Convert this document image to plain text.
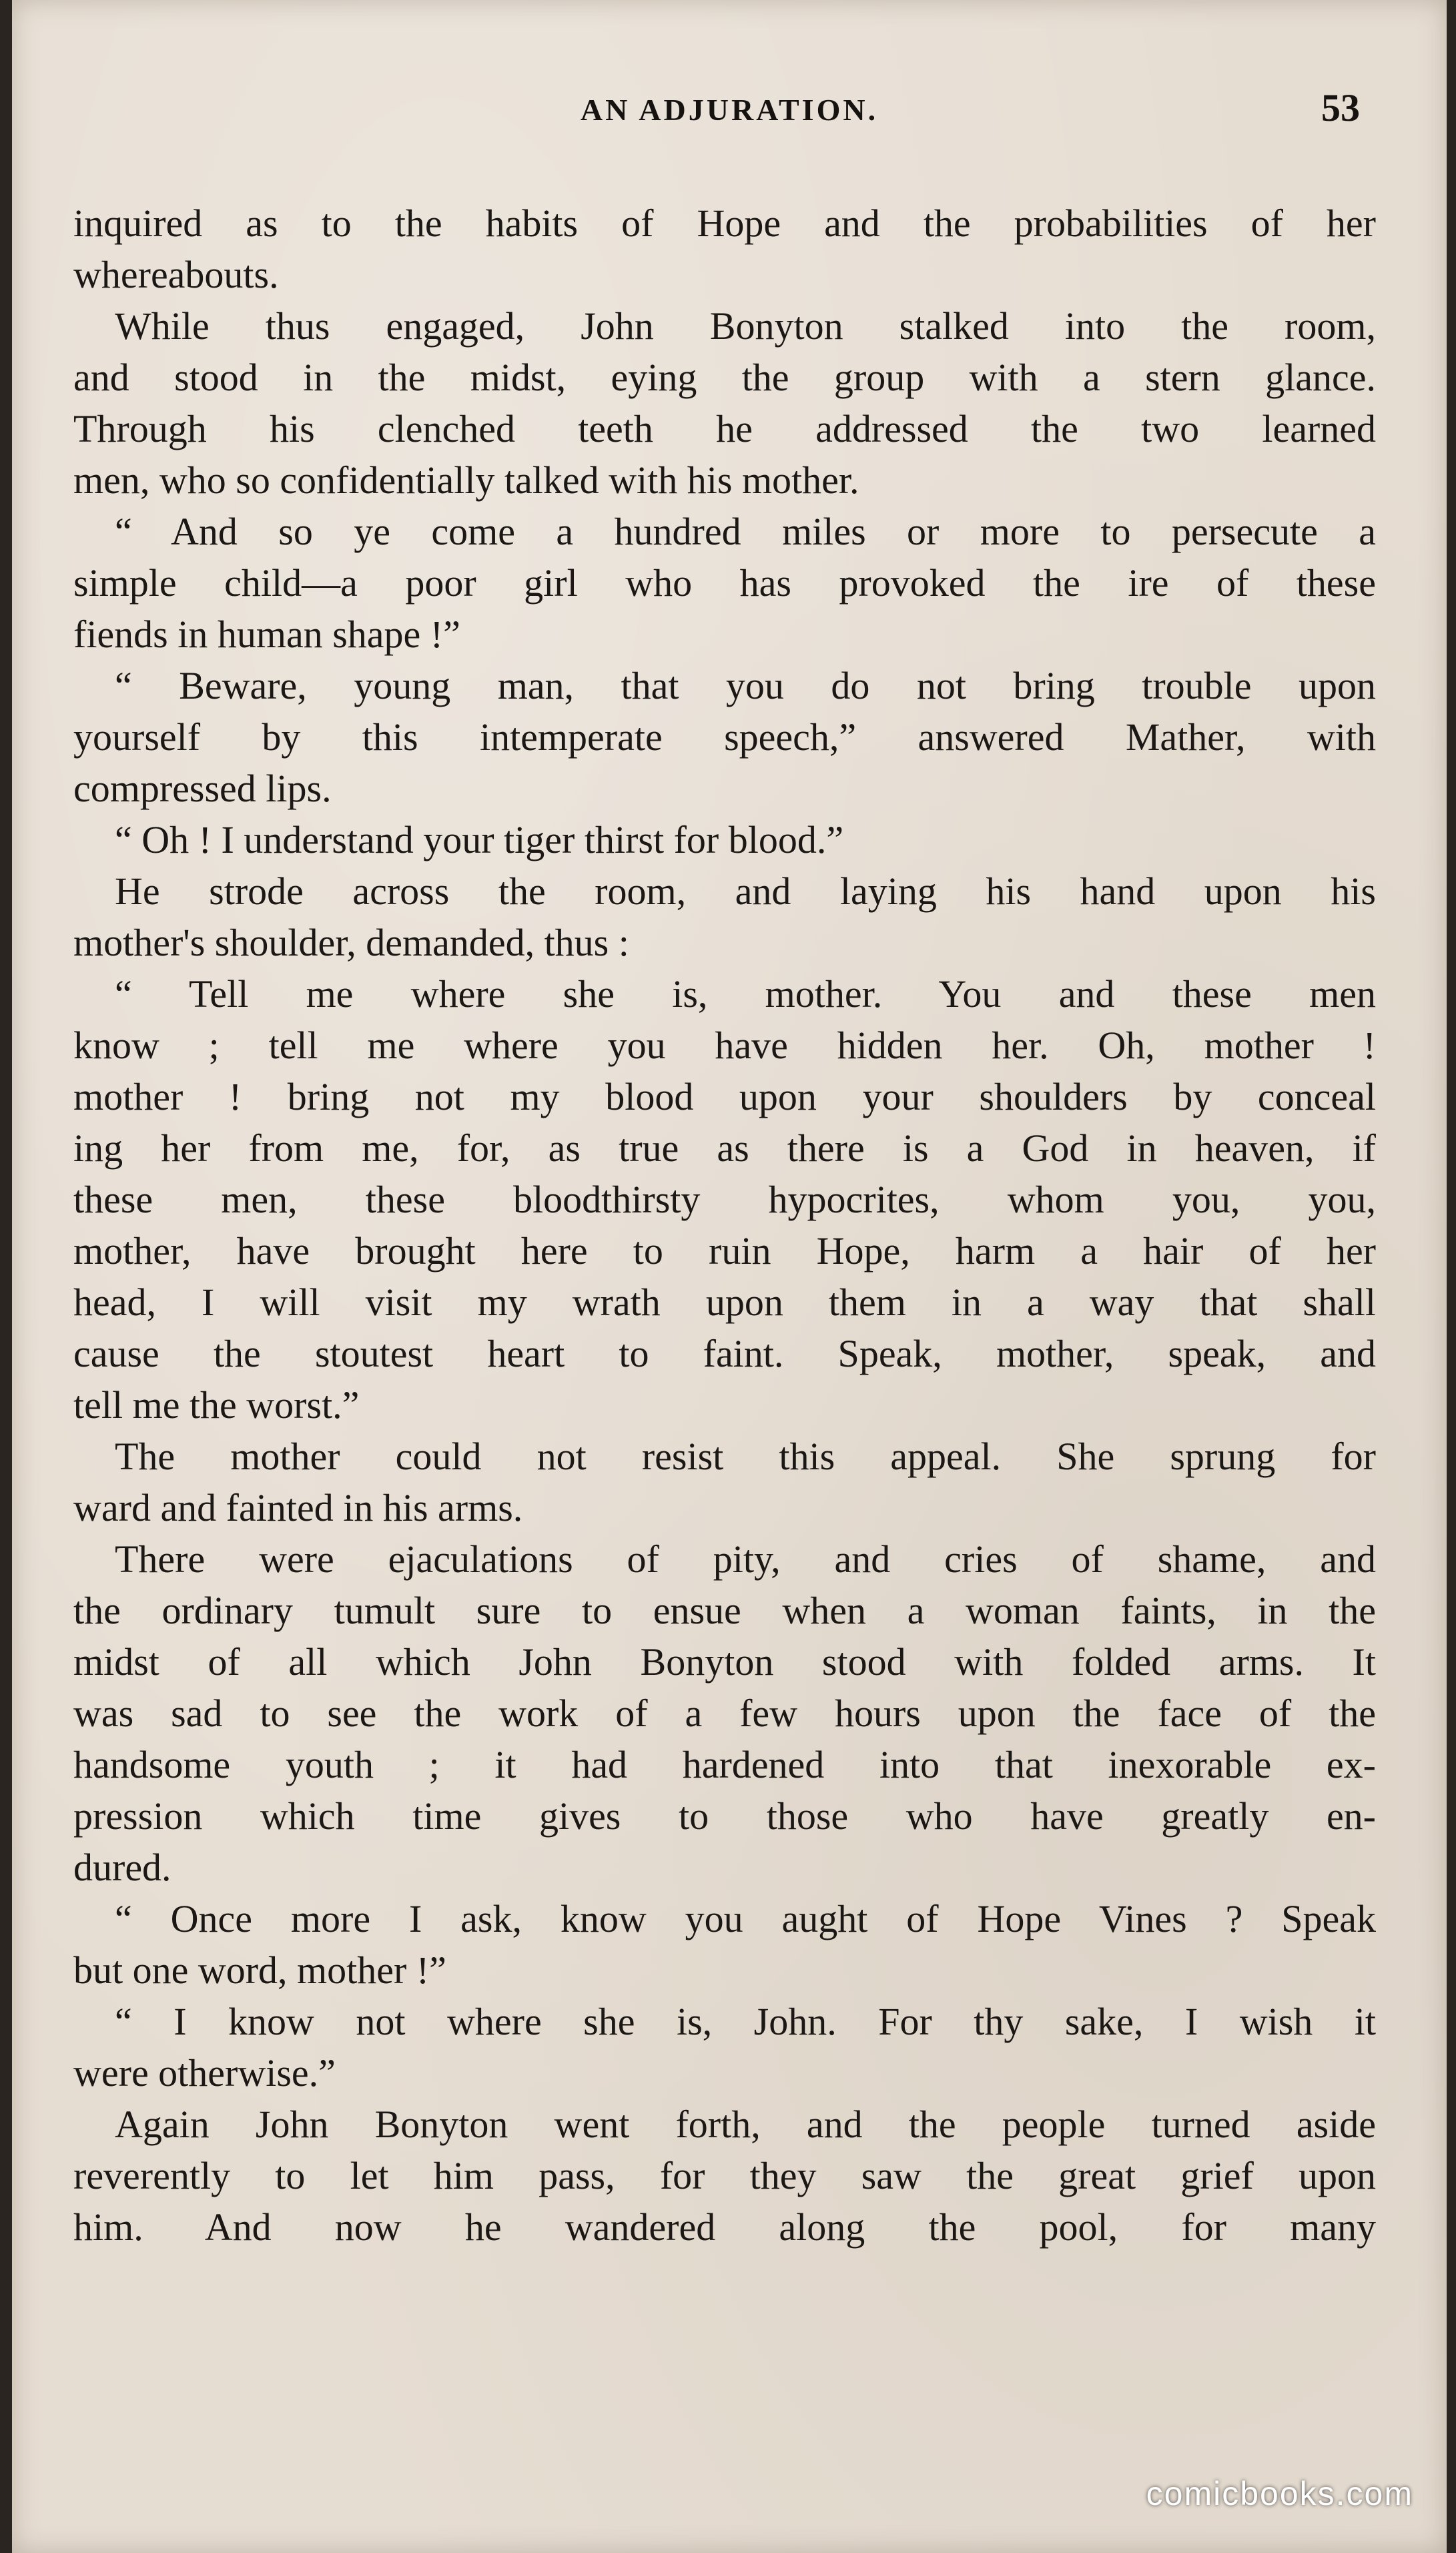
AN ADJURATION.	53
inquired as to the habits of Hope and the probabilities of her
whereabouts.
While thus engaged, John Bonyton stalked into the room,
and stood in the midst, eying the group with a stern glance.
Through his clenched teeth he addressed the two learned
men, who so confidentially talked with his mother.
“ And so ye come a hundred miles or more to persecute a
simple child—a poor girl who has provoked the ire of these
fiends in human shape !”
“ Beware, young man, that you do not bring trouble upon
yourself by this intemperate speech,” answered Mather, with
compressed lips.
“ Oh ! I understand your tiger thirst for blood.”
He strode across the room, and laying his hand upon his
mother's shoulder, demanded, thus :
“ Tell me where she is, mother. You and these men
know ; tell me where you have hidden her. Oh, mother !
mother ! bring not my blood upon your shoulders by conceal
ing her from me, for, as true as there is a God in heaven, if
these men, these bloodthirsty hypocrites, whom you, you,
mother, have brought here to ruin Hope, harm a hair of her
head, I will visit my wrath upon them in a way that shall
cause the stoutest heart to faint. Speak, mother, speak, and
tell me the worst.”
The mother could not resist this appeal. She sprung for
ward and fainted in his arms.
There were ejaculations of pity, and cries of shame, and
the ordinary tumult sure to ensue when a woman faints, in the
midst of all which John Bonyton stood with folded arms. It
was sad to see the work of a few hours upon the face of the
handsome youth ; it had hardened into that inexorable ex-
pression which time gives to those who have greatly en-
dured.
“ Once more I ask, know you aught of Hope Vines ? Speak
but one word, mother !”
“ I know not where she is, John. For thy sake, I wish it
were otherwise.”
Again John Bonyton went forth, and the people turned aside
reverently to let him pass, for they saw the great grief upon
him. And now he wandered along the pool, for many
comicbooks.com
